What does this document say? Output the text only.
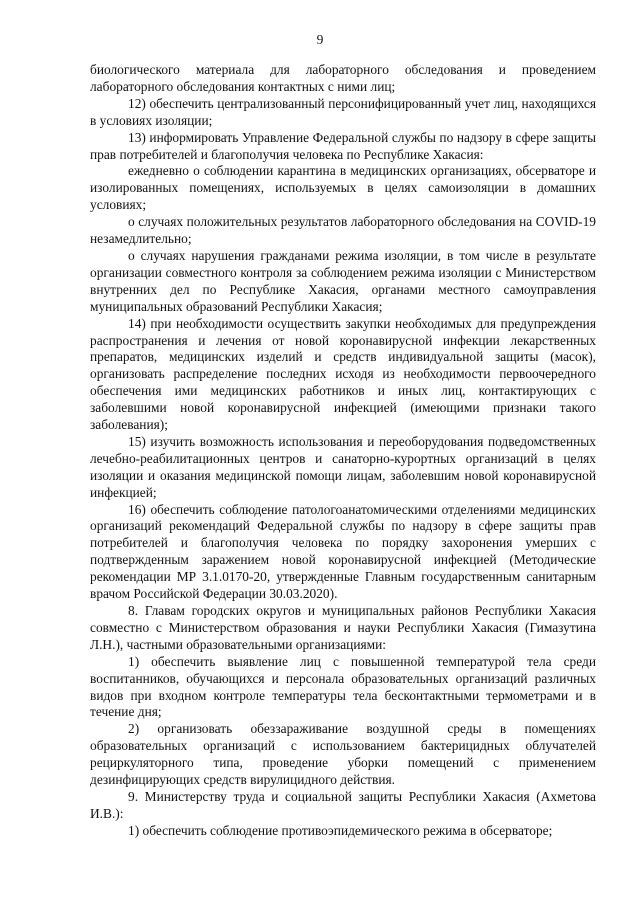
9

биологического материала для лабораторного обследования и проведением лабораторного обследования контактных с ними лиц;

12) обеспечить централизованный персонифицированный учет лиц, находящихся в условиях изоляции;

13) информировать Управление Федеральной службы по надзору в сфере защиты прав потребителей и благополучия человека по Республике Хакасия:

ежедневно о соблюдении карантина в медицинских организациях, обсерваторе и изолированных помещениях, используемых в целях самоизоляции в домашних условиях;

о случаях положительных результатов лабораторного обследования на COVID-19 незамедлительно;

о случаях нарушения гражданами режима изоляции, в том числе в результате организации совместного контроля за соблюдением режима изоляции с Министерством внутренних дел по Республике Хакасия, органами местного самоуправления муниципальных образований Республики Хакасия;

14) при необходимости осуществить закупки необходимых для предупреждения распространения и лечения от новой коронавирусной инфекции лекарственных препаратов, медицинских изделий и средств индивидуальной защиты (масок), организовать распределение последних исходя из необходимости первоочередного обеспечения ими медицинских работников и иных лиц, контактирующих с заболевшими новой коронавирусной инфекцией (имеющими признаки такого заболевания);

15) изучить возможность использования и переоборудования подведомственных лечебно-реабилитационных центров и санаторно-курортных организаций в целях изоляции и оказания медицинской помощи лицам, заболевшим новой коронавирусной инфекцией;

16) обеспечить соблюдение патологоанатомическими отделениями медицинских организаций рекомендаций Федеральной службы по надзору в сфере защиты прав потребителей и благополучия человека по порядку захоронения умерших с подтвержденным заражением новой коронавирусной инфекцией (Методические рекомендации МР 3.1.0170-20, утвержденные Главным государственным санитарным врачом Российской Федерации 30.03.2020).

8. Главам городских округов и муниципальных районов Республики Хакасия совместно с Министерством образования и науки Республики Хакасия (Гимазутина Л.Н.), частными образовательными организациями:

1) обеспечить выявление лиц с повышенной температурой тела среди воспитанников, обучающихся и персонала образовательных организаций различных видов при входном контроле температуры тела бесконтактными термометрами и в течение дня;

2) организовать обеззараживание воздушной среды в помещениях образовательных организаций с использованием бактерицидных облучателей рециркуляторного типа, проведение уборки помещений с применением дезинфицирующих средств вирулицидного действия.

9. Министерству труда и социальной защиты Республики Хакасия (Ахметова И.В.):

1) обеспечить соблюдение противоэпидемического режима в обсерваторе;
